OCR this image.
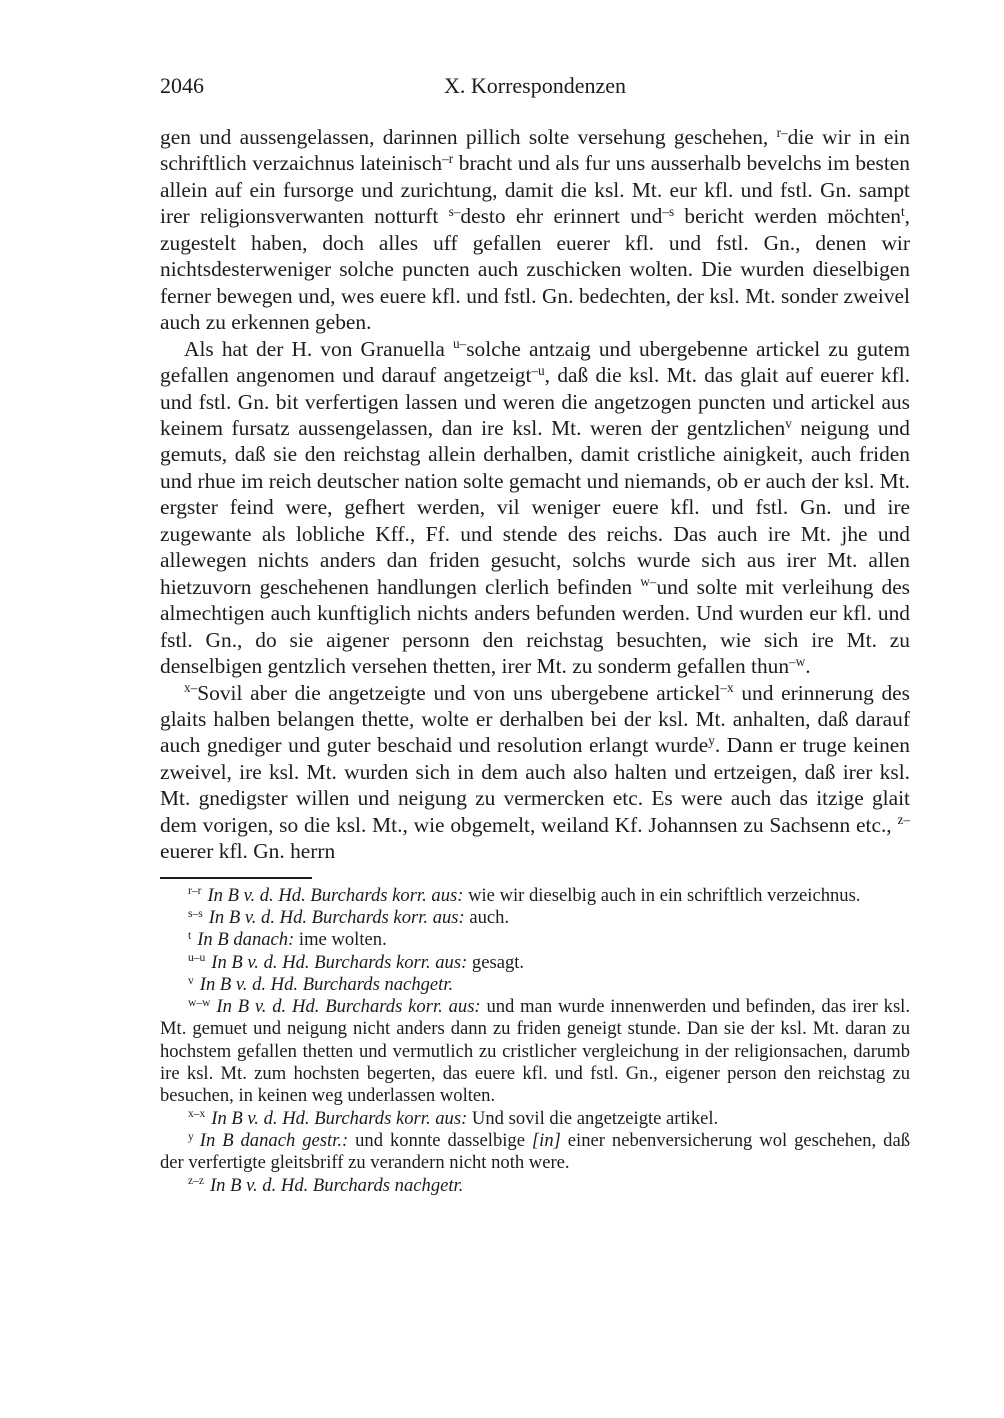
2046	X. Korrespondenzen

gen und aussengelassen, darinnen pillich solte versehung geschehen, $^{r-}$die wir in ein schriftlich verzaichnus lateinisch$^{-r}$ bracht und als fur uns ausserhalb bevelchs im besten allein auf ein fursorge und zurichtung, damit die ksl. Mt. eur kfl. und fstl. Gn. sampt irer religionsverwanten notturft $^{s-}$desto ehr erinnert und$^{-s}$ bericht werden möchten$^t$, zugestelt haben, doch alles uff gefallen euerer kfl. und fstl. Gn., denen wir nichtsdesterweniger solche puncten auch zuschicken wolten. Die wurden dieselbigen ferner bewegen und, wes euere kfl. und fstl. Gn. bedechten, der ksl. Mt. sonder zweivel auch zu erkennen geben.

Als hat der H. von Granuella $^{u-}$solche antzaig und ubergebenne artickel zu gutem gefallen angenomen und darauf angetzeigt$^{-u}$, daß die ksl. Mt. das glait auf euerer kfl. und fstl. Gn. bit verfertigen lassen und weren die angetzogen puncten und artickel aus keinem fursatz aussengelassen, dan ire ksl. Mt. weren der gentzlichen$^v$ neigung und gemuts, daß sie den reichstag allein derhalben, damit cristliche ainigkeit, auch friden und rhue im reich deutscher nation solte gemacht und niemands, ob er auch der ksl. Mt. ergster feind were, gefhert werden, vil weniger euere kfl. und fstl. Gn. und ire zugewante als lobliche Kff., Ff. und stende des reichs. Das auch ire Mt. jhe und allewegen nichts anders dan friden gesucht, solchs wurde sich aus irer Mt. allen hietzuvorn geschehenen handlungen clerlich befinden $^{w-}$und solte mit verleihung des almechtigen auch kunftiglich nichts anders befunden werden. Und wurden eur kfl. und fstl. Gn., do sie aigener personn den reichstag besuchten, wie sich ire Mt. zu denselbigen gentzlich versehen thetten, irer Mt. zu sonderm gefallen thun$^{-w}$.

$^{x-}$Sovil aber die angetzeigte und von uns ubergebene artickel$^{-x}$ und erinnerung des glaits halben belangen thette, wolte er derhalben bei der ksl. Mt. anhalten, daß darauf auch gnediger und guter beschaid und resolution erlangt wurde$^y$. Dann er truge keinen zweivel, ire ksl. Mt. wurden sich in dem auch also halten und ertzeigen, daß irer ksl. Mt. gnedigster willen und neigung zu vermercken etc. Es were auch das itzige glait dem vorigen, so die ksl. Mt., wie obgemelt, weiland Kf. Johannsen zu Sachsenn etc., $^{z-}$euerer kfl. Gn. herrn

$^{r-r}$ In B v. d. Hd. Burchards korr. aus: wie wir dieselbig auch in ein schriftlich verzeichnus.

$^{s-s}$ In B v. d. Hd. Burchards korr. aus: auch.

$^t$ In B danach: ime wolten.

$^{u-u}$ In B v. d. Hd. Burchards korr. aus: gesagt.

$^v$ In B v. d. Hd. Burchards nachgetr.

$^{w-w}$ In B v. d. Hd. Burchards korr. aus: und man wurde innenwerden und befinden, das irer ksl. Mt. gemuet und neigung nicht anders dann zu friden geneigt stunde. Dan sie der ksl. Mt. daran zu hochstem gefallen thetten und vermutlich zu cristlicher vergleichung in der religionsachen, darumb ire ksl. Mt. zum hochsten begerten, das euere kfl. und fstl. Gn., eigener person den reichstag zu besuchen, in keinen weg underlassen wolten.

$^{x-x}$ In B v. d. Hd. Burchards korr. aus: Und sovil die angetzeigte artikel.

$^y$ In B danach gestr.: und konnte dasselbige [in] einer nebenversicherung wol geschehen, daß der verfertigte gleitsbriff zu verandern nicht noth were.

$^{z-z}$ In B v. d. Hd. Burchards nachgetr.
